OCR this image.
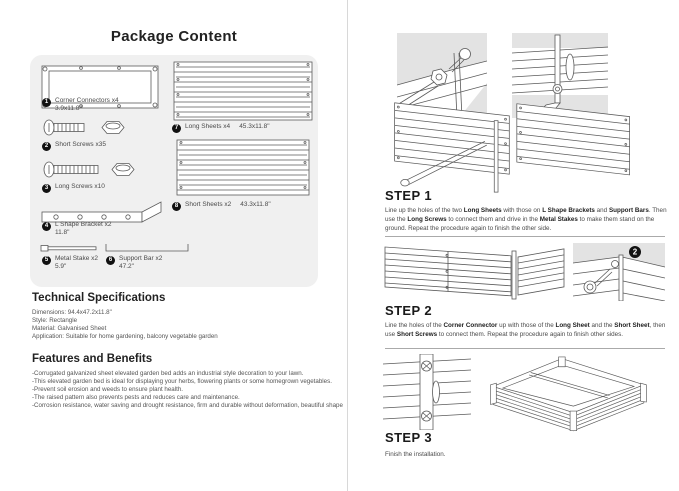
Package Content
1	Corner Connectors x4
3.9x11.8"
2	Short Screws x35
3	Long Screws x10
4	L Shape Bracket x2
11.8"
5	Metal Stake x2
5.9"
6	Support Bar x2
47.2"
7	Long Sheets x4 45.3x11.8"
8	Short Sheets x2 43.3x11.8"
Technical Specifications
Dimensions: 94.4x47.2x11.8"
Style: Rectangle
Material: Galvanised Sheet
Application: Suitable for home gardening, balcony vegetable garden
Features and Benefits
-Corrugated galvanized sheet elevated garden bed adds an industrial style decoration to your lawn.
-This elevated garden bed is ideal for displaying your herbs, flowering plants or some homegrown vegetables.
-Prevent soil erosion and weeds to ensure plant health.
-The raised pattern also prevents pests and reduces care and maintenance.
-Corrosion resistance, water saving and drought resistance, firm and durable without deformation, beautiful shape
STEP 1

Line up the holes of the two Long Sheets with those on L Shape Brackets and Support Bars. Then use the Long Screws to connect them and drive in the Metal Stakes to make them stand on the ground. Repeat the procedure again to finish the other side.

2
STEP 2

Line the holes of the Corner Connector up with those of the Long Sheet and the Short Sheet, then use Short Screws to connect them. Repeat the procedure again to finish other sides.

STEP 3

Finish the installation.
